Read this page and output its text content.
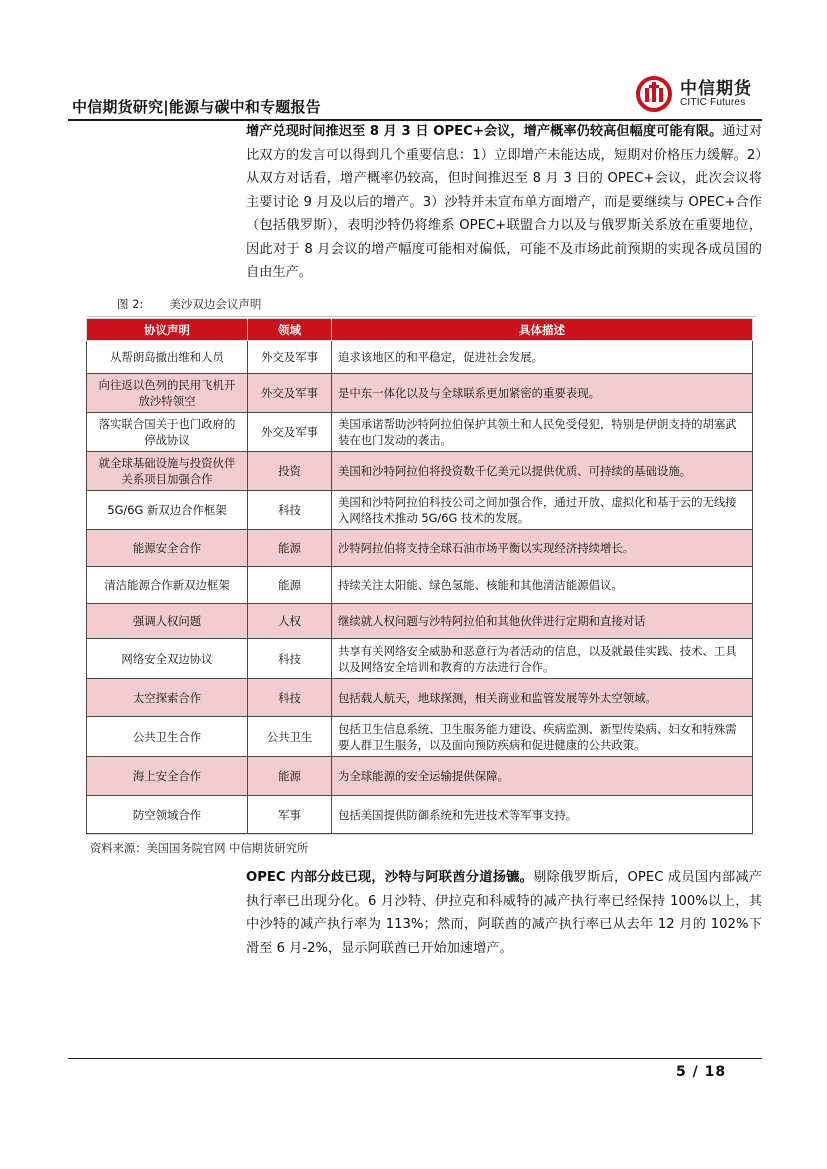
中信期货研究|能源与碳中和专题报告
中信期货
CITIC Futures
增产兑现时间推迟至 8 月 3 日 OPEC+会议，增产概率仍较高但幅度可能有限。通过对比双方的发言可以得到几个重要信息：1）立即增产未能达成，短期对价格压力缓解。2）从双方对话看，增产概率仍较高，但时间推迟至 8 月 3 日的 OPEC+会议，此次会议将主要讨论 9 月及以后的增产。3）沙特并未宣布单方面增产，而是要继续与 OPEC+合作（包括俄罗斯），表明沙特仍将维系 OPEC+联盟合力以及与俄罗斯关系放在重要地位，因此对于 8 月会议的增产幅度可能相对偏低，可能不及市场此前预期的实现各成员国的自由生产。
图 2: 美沙双边会议声明
协议声明	领域	具体描述
从帮朗岛撤出维和人员	外交及军事	追求该地区的和平稳定，促进社会发展。
向往返以色列的民用飞机开放沙特领空	外交及军事	是中东一体化以及与全球联系更加紧密的重要表现。
落实联合国关于也门政府的停战协议	外交及军事	美国承诺帮助沙特阿拉伯保护其领土和人民免受侵犯，特别是伊朗支持的胡塞武装在也门发动的袭击。
就全球基础设施与投资伙伴关系项目加强合作	投资	美国和沙特阿拉伯将投资数千亿美元以提供优质、可持续的基础设施。
5G/6G 新双边合作框架	科技	美国和沙特阿拉伯科技公司之间加强合作，通过开放、虚拟化和基于云的无线接入网络技术推动 5G/6G 技术的发展。
能源安全合作	能源	沙特阿拉伯将支持全球石油市场平衡以实现经济持续增长。
清洁能源合作新双边框架	能源	持续关注太阳能、绿色氢能、核能和其他清洁能源倡议。
强调人权问题	人权	继续就人权问题与沙特阿拉伯和其他伙伴进行定期和直接对话
网络安全双边协议	科技	共享有关网络安全威胁和恶意行为者活动的信息，以及就最佳实践、技术、工具以及网络安全培训和教育的方法进行合作。
太空探索合作	科技	包括载人航天，地球探测，相关商业和监管发展等外太空领域。
公共卫生合作	公共卫生	包括卫生信息系统、卫生服务能力建设、疾病监测、新型传染病、妇女和特殊需要人群卫生服务，以及面向预防疾病和促进健康的公共政策。
海上安全合作	能源	为全球能源的安全运输提供保障。
防空领域合作	军事	包括美国提供防御系统和先进技术等军事支持。
资料来源：美国国务院官网 中信期货研究所
OPEC 内部分歧已现，沙特与阿联酋分道扬镳。剔除俄罗斯后，OPEC 成员国内部减产执行率已出现分化。6 月沙特、伊拉克和科威特的减产执行率已经保持 100%以上，其中沙特的减产执行率为 113%；然而，阿联酋的减产执行率已从去年 12 月的 102%下滑至 6 月-2%，显示阿联酋已开始加速增产。
5 / 18
